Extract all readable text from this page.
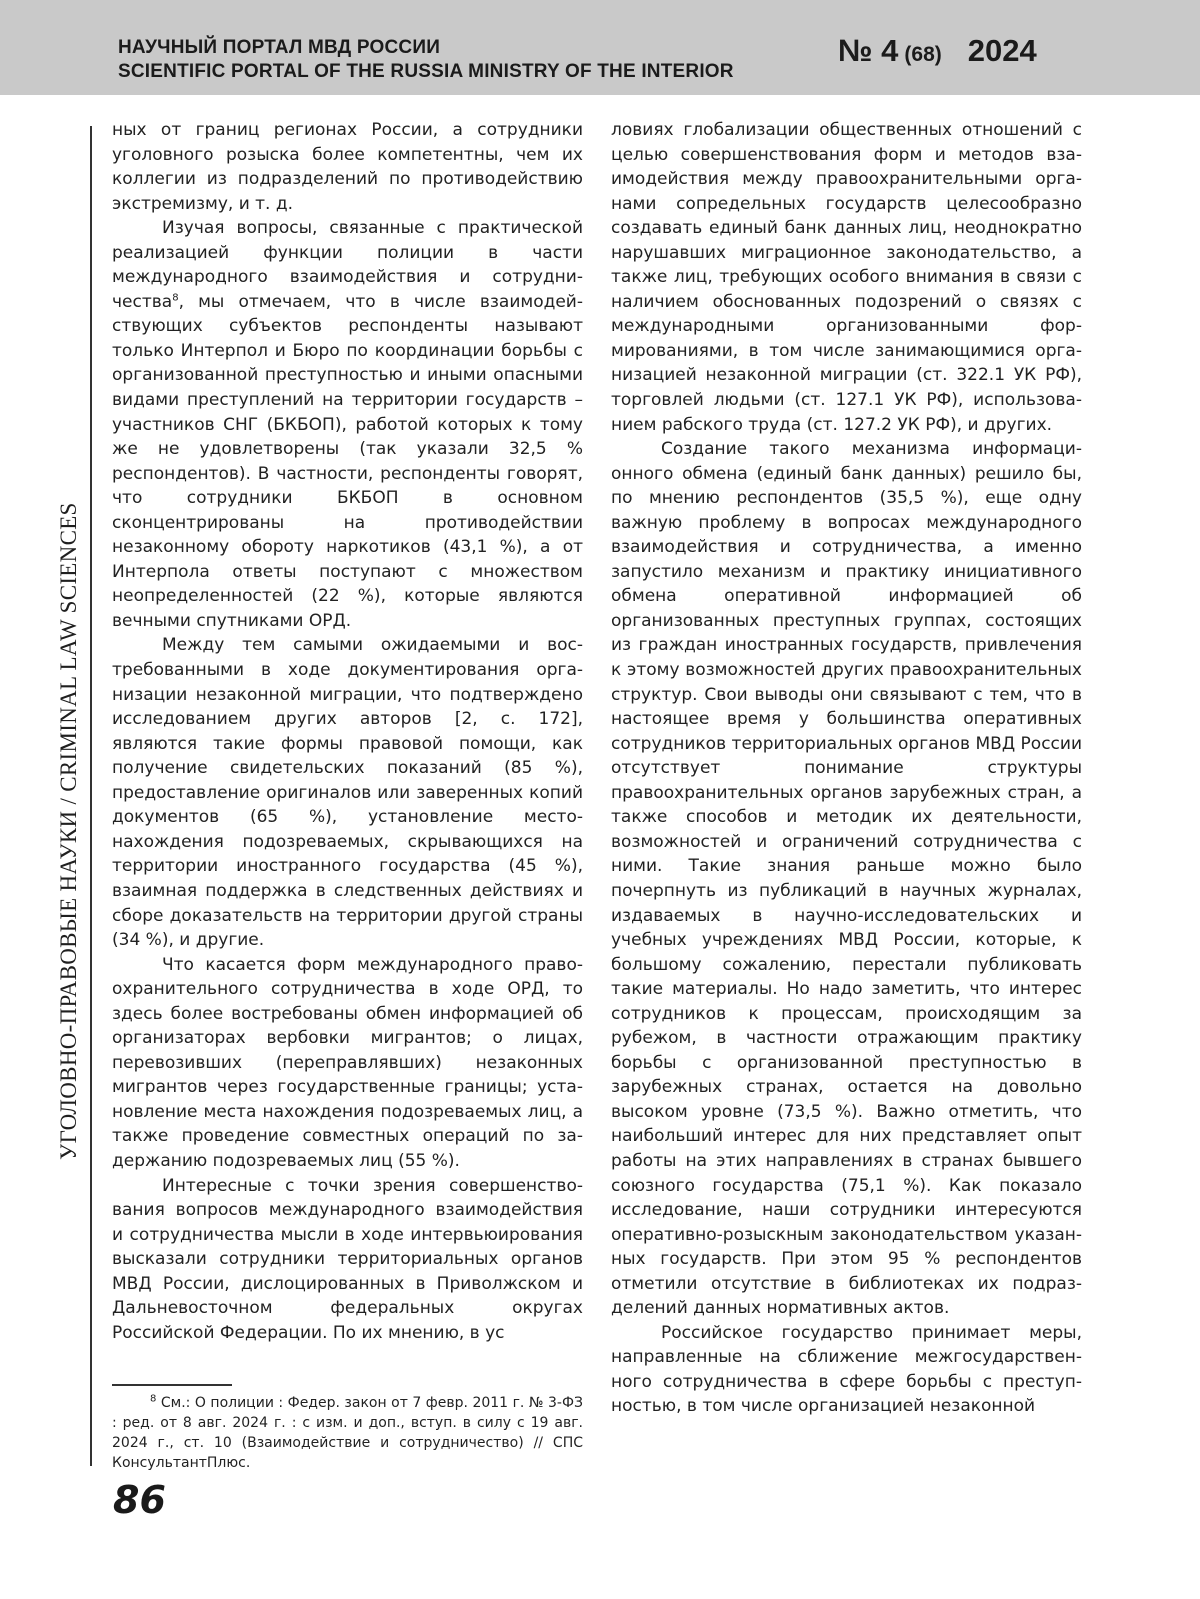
НАУЧНЫЙ ПОРТАЛ МВД РОССИИ
SCIENTIFIC PORTAL OF THE RUSSIA MINISTRY OF THE INTERIOR
№ 4 (68) 2024
УГОЛОВНО-ПРАВОВЫЕ НАУКИ / CRIMINAL LAW SCIENCES

ных от границ регионах России, а сотрудники уголовного розыска более компетентны, чем их коллегии из подразделений по противодействию экстремизму, и т. д.

Изучая вопросы, связанные с практической реализацией функции полиции в части международного взаимодействия и сотрудничества$^8$, мы отмечаем, что в числе взаимодействующих субъектов респонденты называют только Интерпол и Бюро по координации борьбы с организованной преступностью и иными опасными видами преступлений на территории государств – участников СНГ (БКБОП), работой которых к тому же не удовлетворены (так указали 32,5 % респондентов). В частности, респонденты говорят, что сотрудники БКБОП в основном сконцентрированы на противодействии незаконному обороту наркотиков (43,1 %), а от Интерпола ответы поступают с множеством неопределенностей (22 %), которые являются вечными спутниками ОРД.

Между тем самыми ожидаемыми и востребованными в ходе документирования организации незаконной миграции, что подтверждено исследованием других авторов [2, с. 172], являются такие формы правовой помощи, как получение свидетельских показаний (85 %), предоставление оригиналов или заверенных копий документов (65 %), установление местонахождения подозреваемых, скрывающихся на территории иностранного государства (45 %), взаимная поддержка в следственных действиях и сборе доказательств на территории другой страны (34 %), и другие.

Что касается форм международного правоохранительного сотрудничества в ходе ОРД, то здесь более востребованы обмен информацией об организаторах вербовки мигрантов; о лицах, перевозивших (переправлявших) незаконных мигрантов через государственные границы; установление места нахождения подозреваемых лиц, а также проведение совместных операций по задержанию подозреваемых лиц (55 %).

Интересные с точки зрения совершенствования вопросов международного взаимодействия и сотрудничества мысли в ходе интервьюирования высказали сотрудники территориальных органов МВД России, дислоцированных в Приволжском и Дальневосточном федеральных округах Российской Федерации. По их мнению, в ус

$^8$ См.: О полиции : Федер. закон от 7 февр. 2011 г. № 3-ФЗ : ред. от 8 авг. 2024 г. : с изм. и доп., вступ. в силу с 19 авг. 2024 г., ст. 10 (Взаимодействие и сотрудничество) // СПС КонсультантПлюс.

ловиях глобализации общественных отношений с целью совершенствования форм и методов взаимодействия между правоохранительными органами сопредельных государств целесообразно создавать единый банк данных лиц, неоднократно нарушавших миграционное законодательство, а также лиц, требующих особого внимания в связи с наличием обоснованных подозрений о связях с международными организованными формированиями, в том числе занимающимися организацией незаконной миграции (ст. 322.1 УК РФ), торговлей людьми (ст. 127.1 УК РФ), использованием рабского труда (ст. 127.2 УК РФ), и других.

Создание такого механизма информационного обмена (единый банк данных) решило бы, по мнению респондентов (35,5 %), еще одну важную проблему в вопросах международного взаимодействия и сотрудничества, а именно запустило механизм и практику инициативного обмена оперативной информацией об организованных преступных группах, состоящих из граждан иностранных государств, привлечения к этому возможностей других правоохранительных структур. Свои выводы они связывают с тем, что в настоящее время у большинства оперативных сотрудников территориальных органов МВД России отсутствует понимание структуры правоохранительных органов зарубежных стран, а также способов и методик их деятельности, возможностей и ограничений сотрудничества с ними. Такие знания раньше можно было почерпнуть из публикаций в научных журналах, издаваемых в научно-исследовательских и учебных учреждениях МВД России, которые, к большому сожалению, перестали публиковать такие материалы. Но надо заметить, что интерес сотрудников к процессам, происходящим за рубежом, в частности отражающим практику борьбы с организованной преступностью в зарубежных странах, остается на довольно высоком уровне (73,5 %). Важно отметить, что наибольший интерес для них представляет опыт работы на этих направлениях в странах бывшего союзного государства (75,1 %). Как показало исследование, наши сотрудники интересуются оперативно-розыскным законодательством указанных государств. При этом 95 % респондентов отметили отсутствие в библиотеках их подразделений данных нормативных актов.

Российское государство принимает меры, направленные на сближение межгосударственного сотрудничества в сфере борьбы с преступностью, в том числе организацией незаконной

86
